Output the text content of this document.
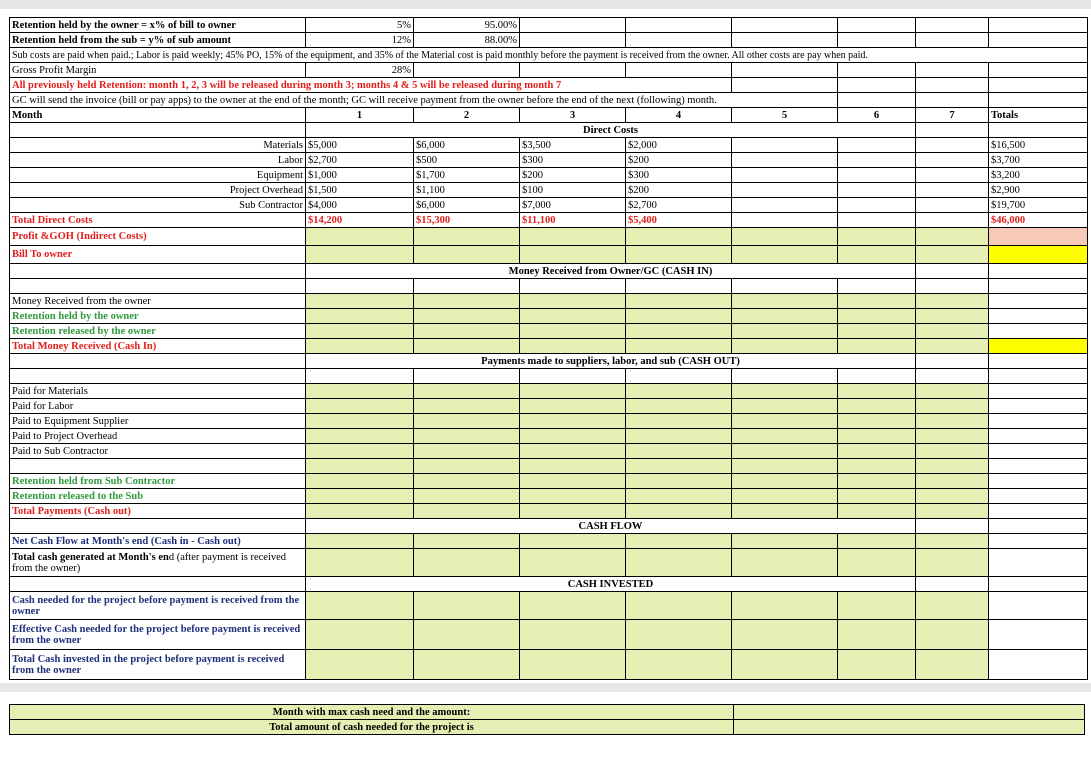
Retention held by the owner = x% of bill to owner	5%	95.00%						
Retention held from the sub = y% of sub amount	12%	88.00%						
Sub costs are paid when paid.; Labor is paid weekly; 45% PO, 15% of the equipment, and 35% of the Material cost is paid monthly before the payment is received from the owner. All other costs are pay when paid.								
Gross Profit Margin	28%							
All previously held Retention: month 1, 2, 3 will be released during month 3; months 4 & 5 will be released during month 7								
GC will send the invoice (bill or pay apps) to the owner at the end of the month; GC will receive payment from the owner before the end of the next (following) month.								
Month	1	2	3	4	5	6	7	Totals
	Direct Costs							
Materials	$5,000	$6,000	$3,500	$2,000				$16,500
Labor	$2,700	$500	$300	$200				$3,700
Equipment	$1,000	$1,700	$200	$300				$3,200
Project Overhead	$1,500	$1,100	$100	$200				$2,900
Sub Contractor	$4,000	$6,000	$7,000	$2,700				$19,700
Total Direct Costs	$14,200	$15,300	$11,100	$5,400				$46,000
Profit &GOH (Indirect Costs)								
Bill To owner								
	Money Received from Owner/GC (CASH IN)							

Money Received from the owner								
Retention held by the owner								
Retention released by the owner								
Total Money Received (Cash In)								
	Payments made to suppliers, labor, and sub (CASH OUT)							

Paid for Materials								
Paid for Labor								
Paid to Equipment Supplier								
Paid to Project Overhead								
Paid to Sub Contractor								

Retention held from Sub Contractor								
Retention released to the Sub								
Total Payments (Cash out)								
	CASH FLOW							
Net Cash Flow at Month's end (Cash in - Cash out)								
Total cash generated at Month's end (after payment is received from the owner)								
	CASH INVESTED							
Cash needed for the project before payment is received from the owner								
Effective Cash needed for the project before payment is received from the owner								
Total Cash invested in the project before payment is received from the owner								
Month with max cash need and the amount:	
Total amount of cash needed for the project is	
